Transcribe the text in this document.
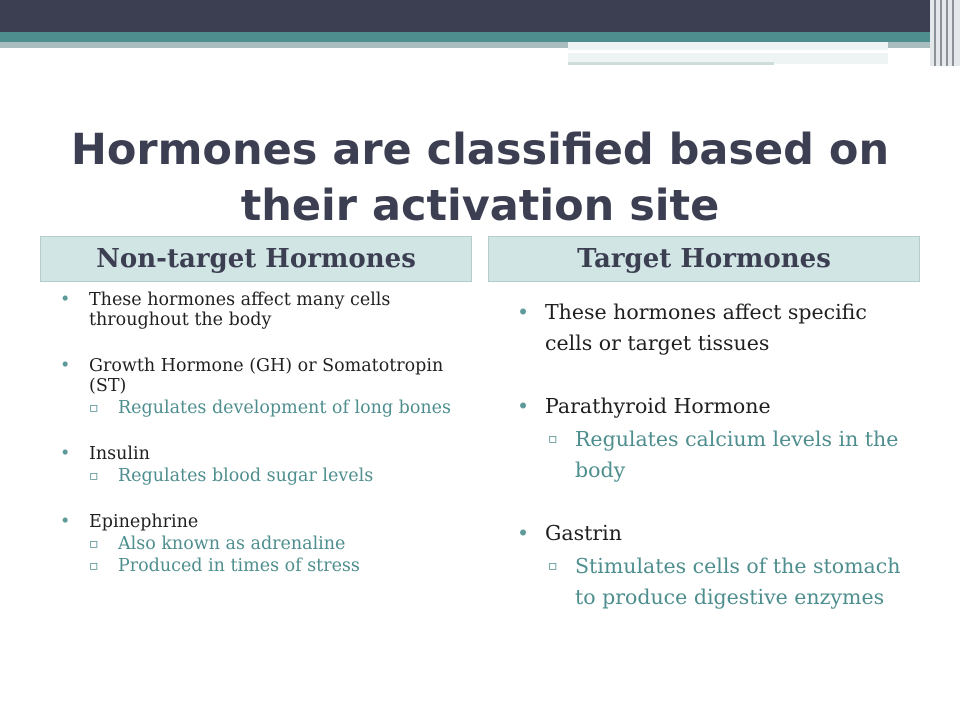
Hormones are classified based on their activation site
Non-target Hormones	Target Hormones
• These hormones affect many cells throughout the body
• Growth Hormone (GH) or Somatotropin (ST)
▫ Regulates development of long bones
• Insulin
▫ Regulates blood sugar levels
• Epinephrine
▫ Also known as adrenaline
▫ Produced in times of stress
• These hormones affect specific cells or target tissues
• Parathyroid Hormone
▫ Regulates calcium levels in the body
• Gastrin
▫ Stimulates cells of the stomach to produce digestive enzymes
